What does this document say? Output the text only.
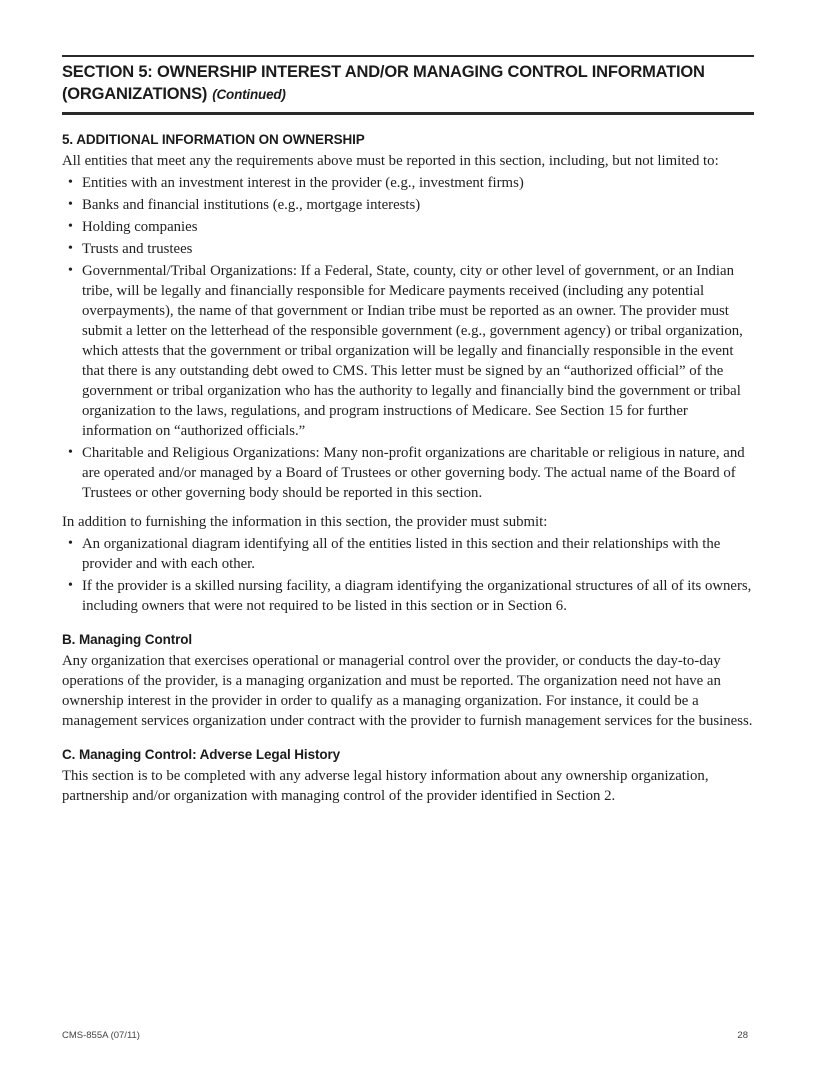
SECTION 5: OWNERSHIP INTEREST AND/OR MANAGING CONTROL INFORMATION
(ORGANIZATIONS) (Continued)
5. ADDITIONAL INFORMATION ON OWNERSHIP

All entities that meet any the requirements above must be reported in this section, including, but not limited to:

• Entities with an investment interest in the provider (e.g., investment firms)
• Banks and financial institutions (e.g., mortgage interests)
• Holding companies
• Trusts and trustees
• Governmental/Tribal Organizations: If a Federal, State, county, city or other level of government, or an Indian tribe, will be legally and financially responsible for Medicare payments received (including any potential overpayments), the name of that government or Indian tribe must be reported as an owner. The provider must submit a letter on the letterhead of the responsible government (e.g., government agency) or tribal organization, which attests that the government or tribal organization will be legally and financially responsible in the event that there is any outstanding debt owed to CMS. This letter must be signed by an “authorized official” of the government or tribal organization who has the authority to legally and financially bind the government or tribal organization to the laws, regulations, and program instructions of Medicare. See Section 15 for further information on “authorized officials.”
• Charitable and Religious Organizations: Many non-profit organizations are charitable or religious in nature, and are operated and/or managed by a Board of Trustees or other governing body. The actual name of the Board of Trustees or other governing body should be reported in this section.

In addition to furnishing the information in this section, the provider must submit:

• An organizational diagram identifying all of the entities listed in this section and their relationships with the provider and with each other.
• If the provider is a skilled nursing facility, a diagram identifying the organizational structures of all of its owners, including owners that were not required to be listed in this section or in Section 6.
B. Managing Control

Any organization that exercises operational or managerial control over the provider, or conducts the day-to-day operations of the provider, is a managing organization and must be reported. The organization need not have an ownership interest in the provider in order to qualify as a managing organization. For instance, it could be a management services organization under contract with the provider to furnish management services for the business.

C. Managing Control: Adverse Legal History

This section is to be completed with any adverse legal history information about any ownership organization, partnership and/or organization with managing control of the provider identified in Section 2.

CMS-855A (07/11)	28
